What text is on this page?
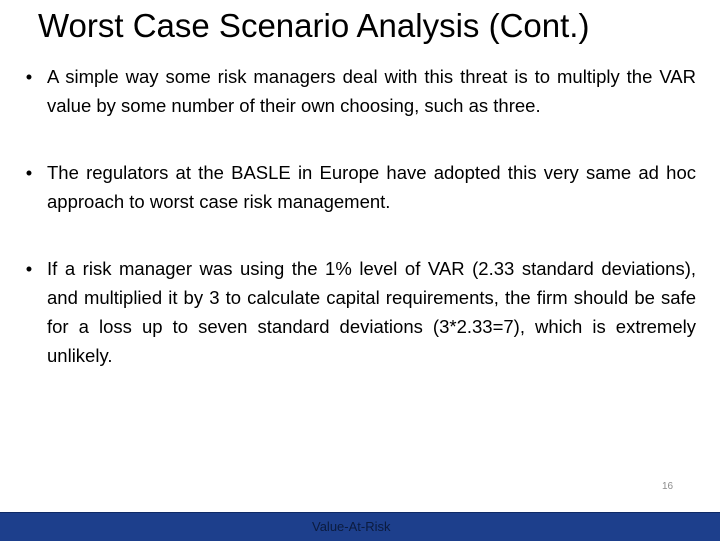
Worst Case Scenario Analysis (Cont.)
• A simple way some risk managers deal with this threat is to multiply the VAR value by some number of their own choosing, such as three.
• The regulators at the BASLE in Europe have adopted this very same ad hoc approach to worst case risk management.
• If a risk manager was using the 1% level of VAR (2.33 standard deviations), and multiplied it by 3 to calculate capital requirements, the firm should be safe for a loss up to seven standard deviations (3*2.33=7), which is extremely unlikely.
16
Value-At-Risk
